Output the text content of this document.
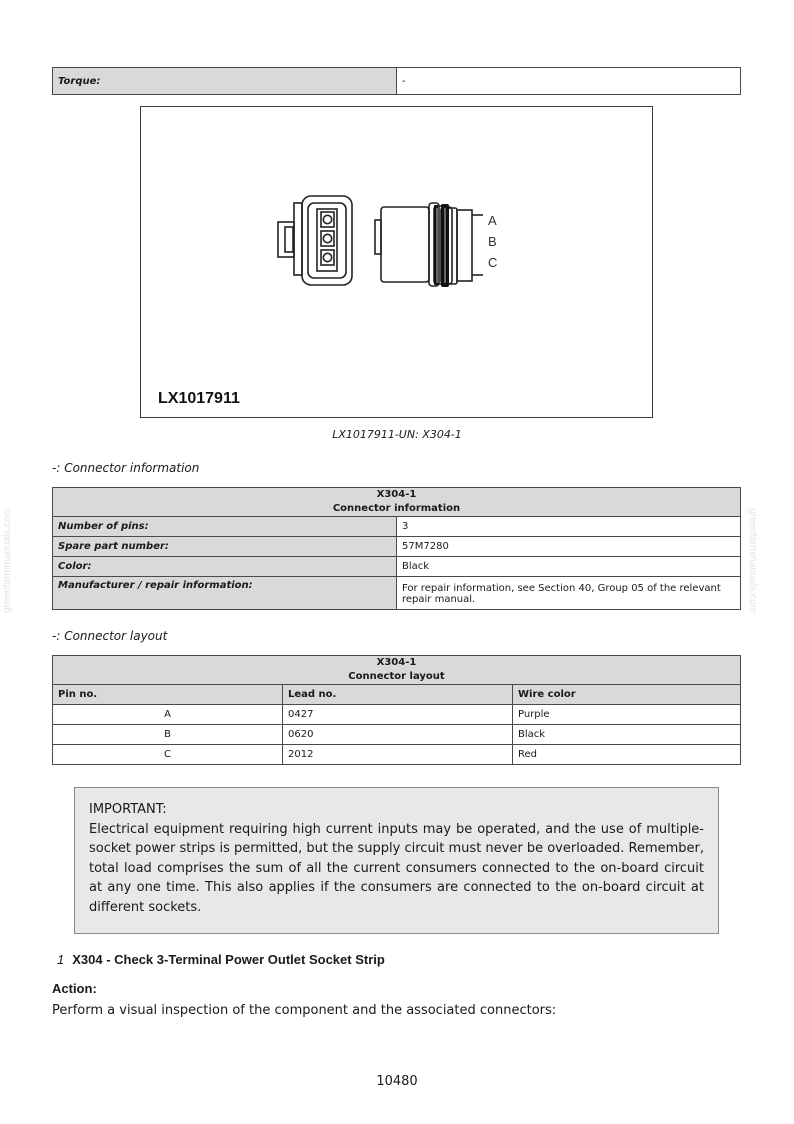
greenfarmmanuals.com	greenfarmmanuals.com
Torque:	-
A
B
C
LX1017911
LX1017911-UN: X304-1
-: Connector information
X304-1
Connector information	

Number of pins:	3
Spare part number:	57M7280
Color:	Black
Manufacturer / repair information:	For repair information, see Section 40, Group 05 of the relevant repair manual.
-: Connector layout
X304-1
Connector layout		

Pin no.	Lead no.	Wire color
A	0427	Purple
B	0620	Black
C	2012	Red
IMPORTANT:
Electrical equipment requiring high current inputs may be operated, and the use of multiple-socket power strips is permitted, but the supply circuit must never be overloaded. Remember, total load comprises the sum of all the current consumers connected to the on-board circuit at any one time. This also applies if the consumers are connected to the on-board circuit at different sockets.
1 X304 - Check 3-Terminal Power Outlet Socket Strip
Action:
Perform a visual inspection of the component and the associated connectors:
10480
